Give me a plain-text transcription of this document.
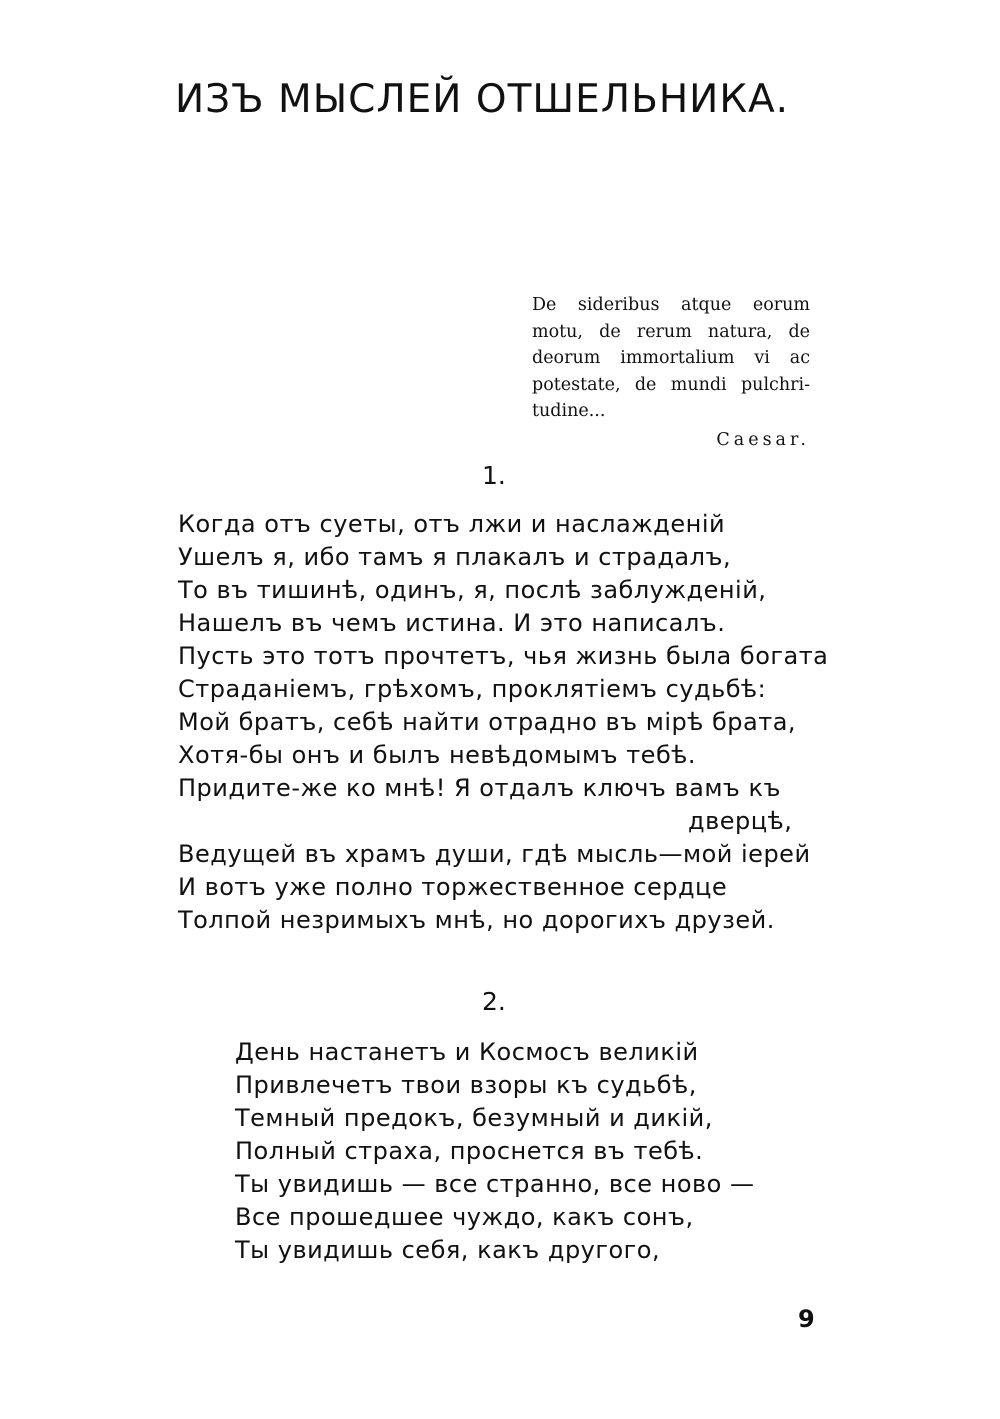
ИЗЪ МЫСЛЕЙ ОТШЕЛЬНИКА.
De sideribus atque eorum
motu, de rerum natura, de
deorum immortalium vi ac
potestate, de mundi pulchri-
tudine...
Caesar.
1.
Когда отъ суеты, отъ лжи и наслажденій
Ушелъ я, ибо тамъ я плакалъ и страдалъ,
То въ тишинѣ, одинъ, я, послѣ заблужденій,
Нашелъ въ чемъ истина. И это написалъ.
Пусть это тотъ прочтетъ, чья жизнь была богата
Страданіемъ, грѣхомъ, проклятіемъ судьбѣ:
Мой братъ, себѣ найти отрадно въ мірѣ брата,
Хотя-бы онъ и былъ невѣдомымъ тебѣ.
Придите-же ко мнѣ! Я отдалъ ключъ вамъ къ
дверцѣ,
Ведущей въ храмъ души, гдѣ мысль—мой іерей
И вотъ уже полно торжественное сердце
Толпой незримыхъ мнѣ, но дорогихъ друзей.
2.
День настанетъ и Космосъ великій
Привлечетъ твои взоры къ судьбѣ,
Темный предокъ, безумный и дикій,
Полный страха, проснется въ тебѣ.
Ты увидишь — все странно, все ново —
Все прошедшее чуждо, какъ сонъ,
Ты увидишь себя, какъ другого,
9
